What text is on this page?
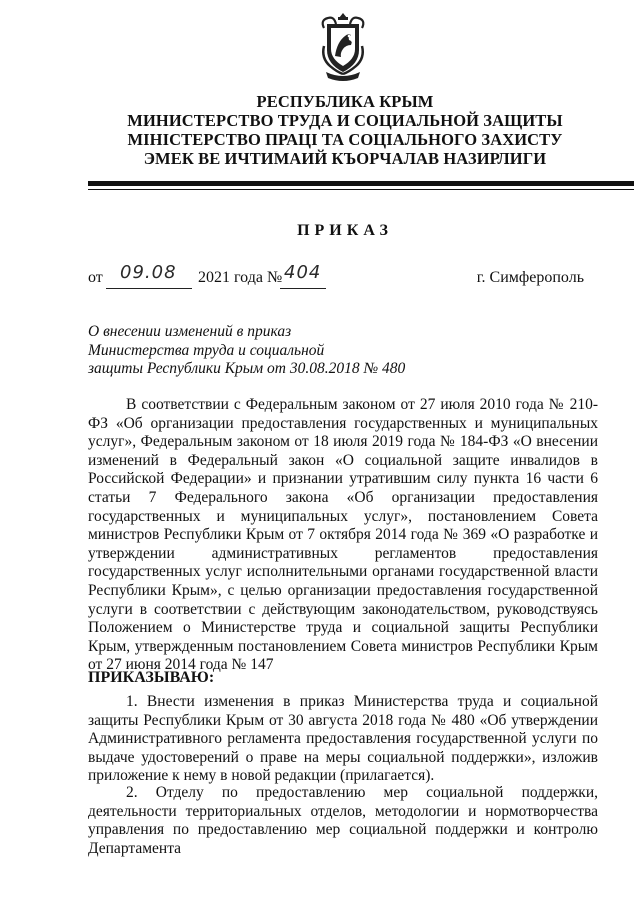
РЕСПУБЛИКА КРЫМ
МИНИСТЕРСТВО ТРУДА И СОЦИАЛЬНОЙ ЗАЩИТЫ
МІНІСТЕРСТВО ПРАЦІ ТА СОЦІАЛЬНОГО ЗАХИСТУ
ЭМЕК ВЕ ИЧТИМАИЙ КЪОРЧАЛАВ НАЗИРЛИГИ
ПРИКАЗ
от 09.08 2021 года № 404	г. Симферополь
О внесении изменений в приказ
Министерства труда и социальной
защиты Республики Крым от 30.08.2018 № 480

В соответствии с Федеральным законом от 27 июля 2010 года № 210-ФЗ «Об организации предоставления государственных и муниципальных услуг», Федеральным законом от 18 июля 2019 года № 184-ФЗ «О внесении изменений в Федеральный закон «О социальной защите инвалидов в Российской Федерации» и признании утратившим силу пункта 16 части 6 статьи 7 Федерального закона «Об организации предоставления государственных и муниципальных услуг», постановлением Совета министров Республики Крым от 7 октября 2014 года № 369 «О разработке и утверждении административных регламентов предоставления государственных услуг исполнительными органами государственной власти Республики Крым», с целью организации предоставления государственной услуги в соответствии с действующим законодательством, руководствуясь Положением о Министерстве труда и социальной защиты Республики Крым, утвержденным постановлением Совета министров Республики Крым от 27 июня 2014 года № 147

ПРИКАЗЫВАЮ:

1. Внести изменения в приказ Министерства труда и социальной защиты Республики Крым от 30 августа 2018 года № 480 «Об утверждении Административного регламента предоставления государственной услуги по выдаче удостоверений о праве на меры социальной поддержки», изложив приложение к нему в новой редакции (прилагается).

2. Отделу по предоставлению мер социальной поддержки, деятельности территориальных отделов, методологии и нормотворчества управления по предоставлению мер социальной поддержки и контролю Департамента
